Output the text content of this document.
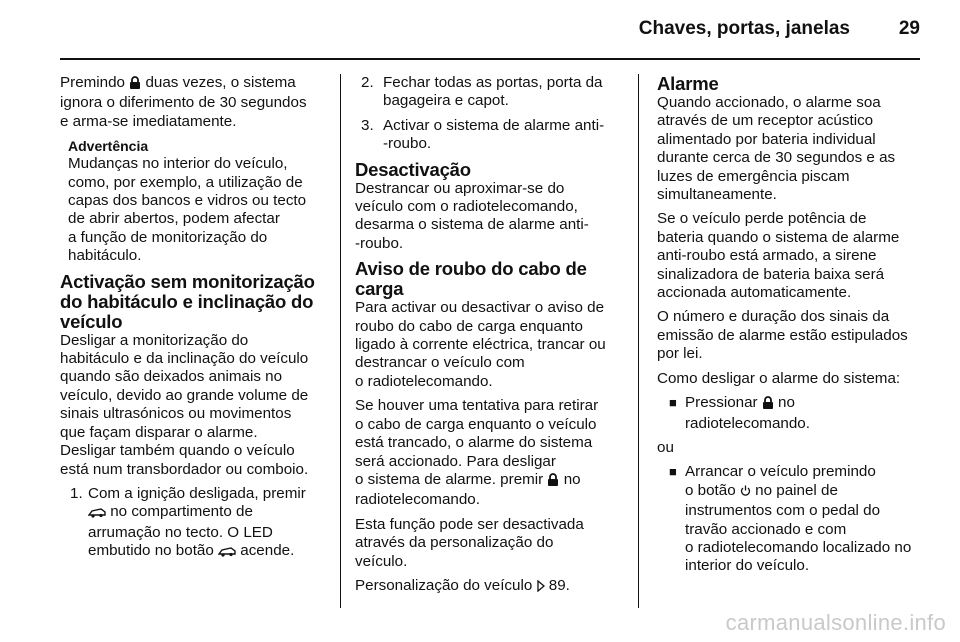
Chaves, portas, janelas	29
Premindo  duas vezes, o sistema
ignora o diferimento de 30 segundos
e arma-se imediatamente.
Advertência
Mudanças no interior do veículo,
como, por exemplo, a utilização de
capas dos bancos e vidros ou tecto
de abrir abertos, podem afectar
a função de monitorização do
habitáculo.
Activação sem monitorização
do habitáculo e inclinação do
veículo
Desligar a monitorização do
habitáculo e da inclinação do veículo
quando são deixados animais no
veículo, devido ao grande volume de
sinais ultrasónicos ou movimentos
que façam disparar o alarme.
Desligar também quando o veículo
está num transbordador ou comboio.
1. Com a ignição desligada, premir
no compartimento de
arrumação no tecto. O LED
embutido no botão  acende.
2. Fechar todas as portas, porta da
bagageira e capot.
3. Activar o sistema de alarme anti-
-roubo.
Desactivação
Destrancar ou aproximar-se do
veículo com o radiotelecomando,
desarma o sistema de alarme anti-
-roubo.
Aviso de roubo do cabo de
carga
Para activar ou desactivar o aviso de
roubo do cabo de carga enquanto
ligado à corrente eléctrica, trancar ou
destrancar o veículo com
o radiotelecomando.
Se houver uma tentativa para retirar
o cabo de carga enquanto o veículo
está trancado, o alarme do sistema
será accionado. Para desligar
o sistema de alarme. premir  no
radiotelecomando.
Esta função pode ser desactivada
através da personalização do
veículo.
Personalização do veículo  89.
Alarme
Quando accionado, o alarme soa
através de um receptor acústico
alimentado por bateria individual
durante cerca de 30 segundos e as
luzes de emergência piscam
simultaneamente.
Se o veículo perde potência de
bateria quando o sistema de alarme
anti-roubo está armado, a sirene
sinalizadora de bateria baixa será
accionada automaticamente.
O número e duração dos sinais da
emissão de alarme estão estipulados
por lei.
Como desligar o alarme do sistema:
■ Pressionar  no
radiotelecomando.
ou
■ Arrancar o veículo premindo
o botão  no painel de
instrumentos com o pedal do
travão accionado e com
o radiotelecomando localizado no
interior do veículo.
carmanualsonline.info
